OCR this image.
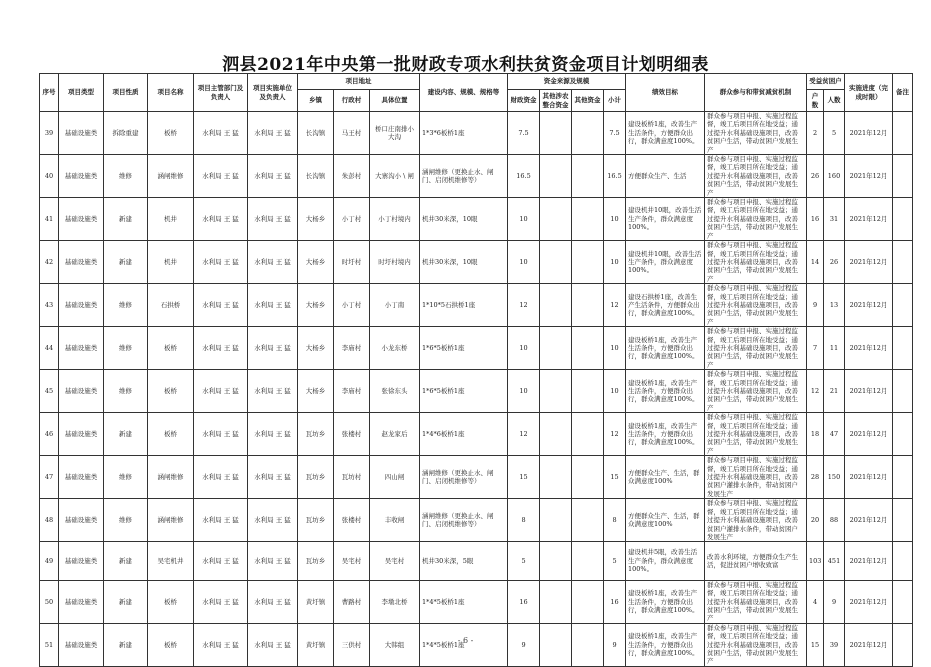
泗县2021年中央第一批财政专项水利扶贫资金项目计划明细表
序号	项目类型	项目性质	项目名称	项目主管部门及负责人	项目实施单位及负责人	项目地址			建设内容、规模、规格等	资金来源及规模				绩效目标	群众参与和带贫减贫机制	受益贫困户		实施进度（完成时限）	备注
						乡镇	行政村	具体位置		财政资金	其他涉农整合资金	其他资金	小计			户数	人数		
39	基础设施类	拆除重建	板桥	水利局 王 猛	水利局 王 猛	长沟镇	马王村	桥口庄南排小大沟	1*3*6板桥1座	7.5			7.5	建设板桥1座，改善生产生活条件，方便群众出行，群众满意度100%。	群众参与项目申报、实施过程监督，竣工后项目所在地受益；通过提升水利基础设施项目，改善贫困户生活，带动贫困户发展生产	2	5	2021年12月	
40	基础设施类	维修	涵闸维修	水利局 王 猛	水利局 王 猛	长沟镇	朱彭村	大寨沟小 \ 闸	涵闸维修（更换止水、闸门、启闭机维修等）	16.5			16.5	方便群众生产、生活	群众参与项目申报、实施过程监督，竣工后项目所在地受益；通过提升水利基础设施项目，改善贫困户生活，带动贫困户发展生产	26	160	2021年12月	
41	基础设施类	新建	机井	水利局 王 猛	水利局 王 猛	大杨乡	小丁村	小丁村境内	机井30米深，10眼	10			10	建设机井10眼，改善生活生产条件，群众满意度100%。	群众参与项目申报、实施过程监督，竣工后项目所在地受益；通过提升水利基础设施项目，改善贫困户生活，带动贫困户发展生产	16	31	2021年12月	
42	基础设施类	新建	机井	水利局 王 猛	水利局 王 猛	大杨乡	时圩村	时圩村境内	机井30米深，10眼	10			10	建设机井10眼，改善生活生产条件，群众满意度100%。	群众参与项目申报、实施过程监督，竣工后项目所在地受益；通过提升水利基础设施项目，改善贫困户生活，带动贫困户发展生产	14	26	2021年12月	
43	基础设施类	维修	石拱桥	水利局 王 猛	水利局 王 猛	大杨乡	小丁村	小丁南	1*10*5石拱桥1座	12			12	建设石拱桥1座，改善生产生活条件，方便群众出行，群众满意度100%。	群众参与项目申报、实施过程监督，竣工后项目所在地受益；通过提升水利基础设施项目，改善贫困户生活，带动贫困户发展生产	9	13	2021年12月	
44	基础设施类	维修	板桥	水利局 王 猛	水利局 王 猛	大杨乡	李庙村	小龙东桥	1*6*5板桥1座	10			10	建设板桥1座，改善生产生活条件，方便群众出行，群众满意度100%。	群众参与项目申报、实施过程监督，竣工后项目所在地受益；通过提升水利基础设施项目，改善贫困户生活，带动贫困户发展生产	7	11	2021年12月	
45	基础设施类	维修	板桥	水利局 王 猛	水利局 王 猛	大杨乡	李庙村	张徐东头	1*6*5板桥1座	10			10	建设板桥1座，改善生产生活条件，方便群众出行，群众满意度100%。	群众参与项目申报、实施过程监督，竣工后项目所在地受益；通过提升水利基础设施项目，改善贫困户生活，带动贫困户发展生产	12	21	2021年12月	
46	基础设施类	新建	板桥	水利局 王 猛	水利局 王 猛	瓦坊乡	张楼村	赵龙家后	1*4*6板桥1座	12			12	建设板桥1座，改善生产生活条件，方便群众出行，群众满意度100%。	群众参与项目申报、实施过程监督，竣工后项目所在地受益；通过提升水利基础设施项目，改善贫困户生活，带动贫困户发展生产	18	47	2021年12月	
47	基础设施类	维修	涵闸维修	水利局 王 猛	水利局 王 猛	瓦坊乡	瓦坊村	四山闸	涵闸维修（更换止水、闸门、启闭机维修等）	15			15	方便群众生产、生活，群众满意度100%	群众参与项目申报、实施过程监督，竣工后项目所在地受益；通过提升水利基础设施项目，改善贫困户灌排水条件，带动贫困户发展生产	28	150	2021年12月	
48	基础设施类	维修	涵闸维修	水利局 王 猛	水利局 王 猛	瓦坊乡	张楼村	丰收闸	涵闸维修（更换止水、闸门、启闭机维修等）	8			8	方便群众生产、生活，群众满意度100%	群众参与项目申报、实施过程监督，竣工后项目所在地受益；通过提升水利基础设施项目，改善贫困户灌排水条件，带动贫困户发展生产	20	88	2021年12月	
49	基础设施类	新建	吴宅机井	水利局 王 猛	水利局 王 猛	瓦坊乡	吴宅村	吴宅村	机井30米深，5眼	5			5	建设机井5眼，改善生活生产条件，群众满意度100%。	改善水利环境，方便群众生产生活，促进贫困户增收致富	103	451	2021年12月	
50	基础设施类	新建	板桥	水利局 王 猛	水利局 王 猛	黄圩镇	曹路村	李墩北桥	1*4*5板桥1座	16			16	建设板桥1座，改善生产生活条件，方便群众出行，群众满意度100%。	群众参与项目申报、实施过程监督，竣工后项目所在地受益；通过提升水利基础设施项目，改善贫困户生活，带动贫困户发展生产	4	9	2021年12月	
51	基础设施类	新建	板桥	水利局 王 猛	水利局 王 猛	黄圩镇	三供村	大韩组	1*4*5板桥1座	9			9	建设板桥1座，改善生产生活条件，方便群众出行，群众满意度100%。	群众参与项目申报、实施过程监督，竣工后项目所在地受益；通过提升水利基础设施项目，改善贫困户生活，带动贫困户发展生产	15	39	2021年12月	
- 6 -
